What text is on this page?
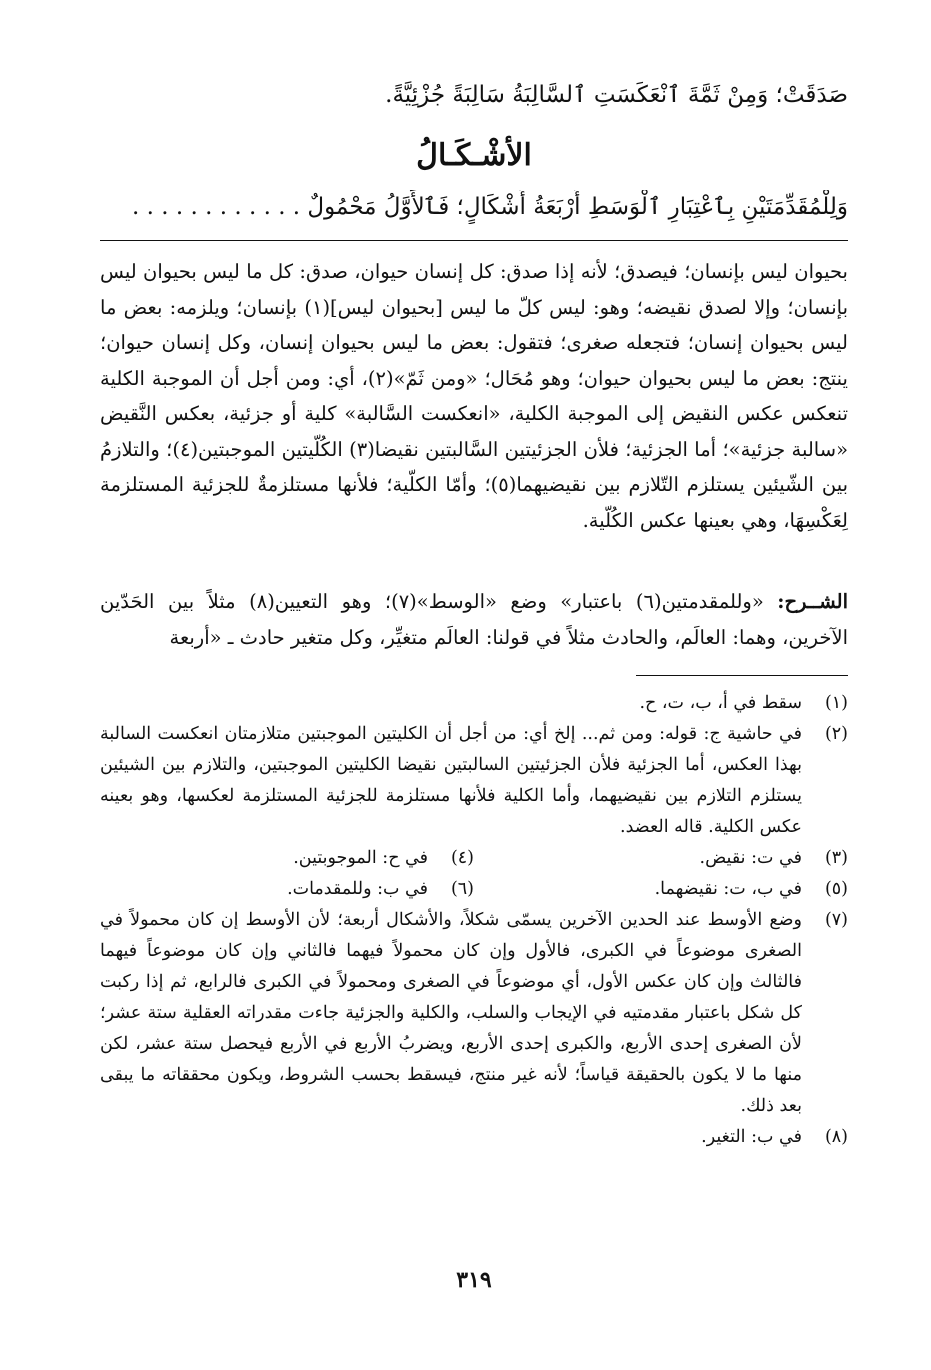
صَدَقَتْ؛ وَمِنْ ثَمَّةَ ٱنْعَكَسَتِ ٱلسَّالِبَةُ سَالِبَةً جُزْئِيَّةً.
الأشْـكَـالُ
وَلِلْمُقَدِّمَتَيْنِ بِٱعْتِبَارِ ٱلْوَسَطِ أَرْبَعَةُ أَشْكَالٍ؛ فَٱلأَوَّلُ مَحْمُولٌ . . . . . . . . . . . .

بحيوان ليس بإنسان؛ فيصدق؛ لأنه إذا صدق: كل إنسان حيوان، صدق: كل ما ليس بحيوان ليس بإنسان؛ وإلا لصدق نقيضه؛ وهو: ليس كلّ ما ليس [بحيوان ليس](١) بإنسان؛ ويلزمه: بعض ما ليس بحيوان إنسان؛ فتجعله صغرى؛ فتقول: بعض ما ليس بحيوان إنسان، وكل إنسان حيوان؛ ينتج: بعض ما ليس بحيوان حيوان؛ وهو مُحَال؛ «ومن ثَمّ»(٢)، أي: ومن أجل أن الموجبة الكلية تنعكس عكس النقيض إلى الموجبة الكلية، «انعكست السَّالبة» كلية أو جزئية، بعكس النَّقيض «سالبة جزئية»؛ أما الجزئية؛ فلأن الجزئيتين السَّالبتين نقيضا(٣) الكُلّيتين الموجبتين(٤)؛ والتلازمُ بين الشّيئين يستلزم التّلازم بين نقيضيهما(٥)؛ وأمّا الكلّية؛ فلأنها مستلزمةٌ للجزئية المستلزمة لِعَكْسِهَا، وهي بعينها عكس الكُلّية.

الشــرح: «وللمقدمتين(٦) باعتبار» وضع «الوسط»(٧)؛ وهو التعيين(٨) مثلاً بين الحَدّين الآخرين، وهما: العالَم، والحادث مثلاً في قولنا: العالَم متغيِّر، وكل متغير حادث ـ «أربعة

(١)
سقط في أ، ب، ت، ح.
(٢)
في حاشية ج: قوله: ومن ثم... إلخ أي: من أجل أن الكليتين الموجبتين متلازمتان انعكست السالبة بهذا العكس، أما الجزئية فلأن الجزئيتين السالبتين نقيضا الكليتين الموجبتين، والتلازم بين الشيئين يستلزم التلازم بين نقيضيهما، وأما الكلية فلأنها مستلزمة للجزئية المستلزمة لعكسها، وهو بعينه عكس الكلية. قاله العضد.
(٣)
في ت: نقيض.
(٤)
في ح: الموجوبتين.
(٥)
في ب، ت: نقيضهما.
(٦)
في ب: وللمقدمات.
(٧)
وضع الأوسط عند الحدين الآخرين يسمّى شكلاً، والأشكال أربعة؛ لأن الأوسط إن كان محمولاً في الصغرى موضوعاً في الكبرى، فالأول وإن كان محمولاً فيهما فالثاني وإن كان موضوعاً فيهما فالثالث وإن كان عكس الأول، أي موضوعاً في الصغرى ومحمولاً في الكبرى فالرابع، ثم إذا ركبت كل شكل باعتبار مقدمتيه في الإيجاب والسلب، والكلية والجزئية جاءت مقدراته العقلية ستة عشر؛ لأن الصغرى إحدى الأربع، والكبرى إحدى الأربع، ويضربُ الأربع في الأربع فيحصل ستة عشر، لكن منها ما لا يكون بالحقيقة قياساً؛ لأنه غير منتج، فيسقط بحسب الشروط، ويكون محققاته ما يبقى بعد ذلك.
(٨)
في ب: التغير.
٣١٩
